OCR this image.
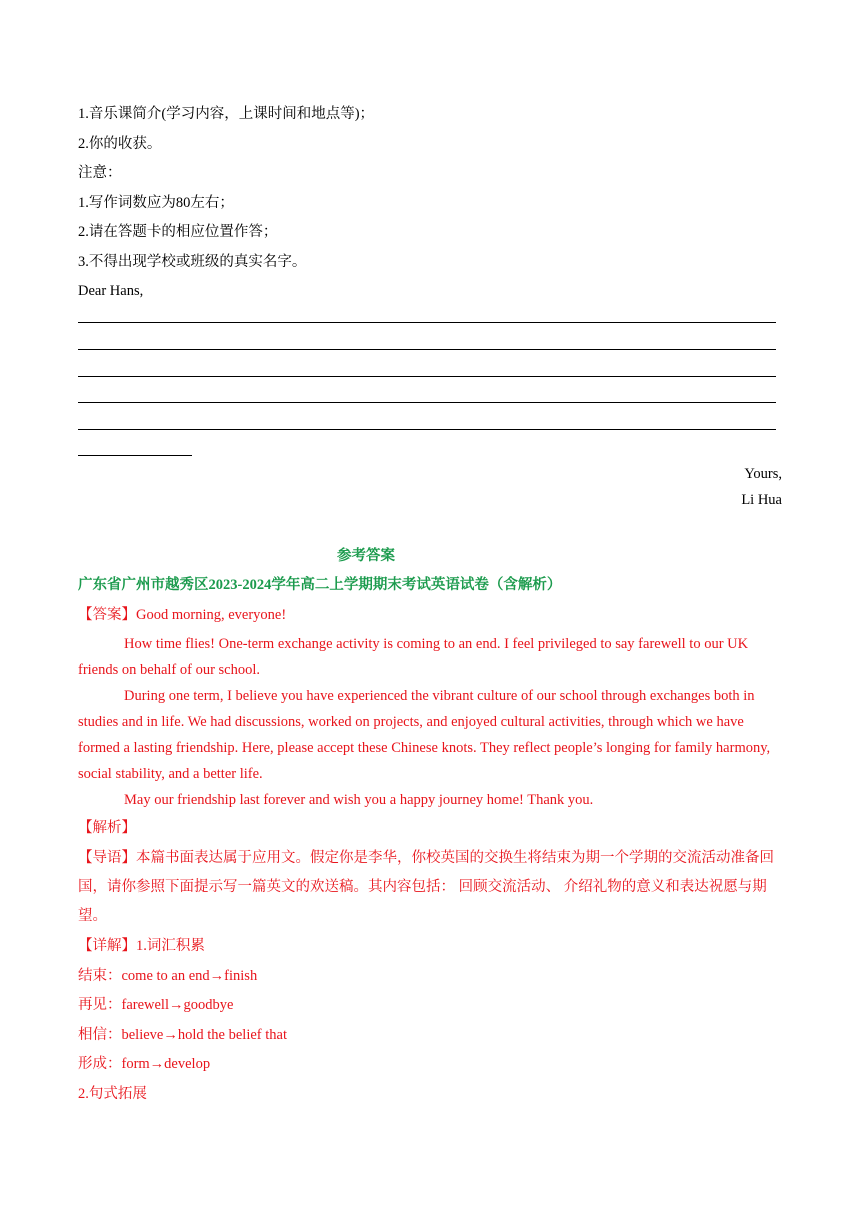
1.音乐课简介(学习内容，上课时间和地点等)；
2.你的收获。
注意：
1.写作词数应为80左右；
2.请在答题卡的相应位置作答；
3.不得出现学校或班级的真实名字。
Dear Hans,
Yours,
Li Hua
参考答案
广东省广州市越秀区2023-2024学年高二上学期期末考试英语试卷（含解析）
【答案】Good morning, everyone!
How time flies! One-term exchange activity is coming to an end. I feel privileged to say farewell to our UK friends on behalf of our school.
During one term, I believe you have experienced the vibrant culture of our school through exchanges both in studies and in life. We had discussions, worked on projects, and enjoyed cultural activities, through which we have formed a lasting friendship. Here, please accept these Chinese knots. They reflect people’s longing for family harmony, social stability, and a better life.
May our friendship last forever and wish you a happy journey home! Thank you.
【解析】
【导语】本篇书面表达属于应用文。假定你是李华，你校英国的交换生将结束为期一个学期的交流活动准备回国，请你参照下面提示写一篇英文的欢送稿。其内容包括： 回顾交流活动、 介绍礼物的意义和表达祝愿与期望。
【详解】1.词汇积累
结束：come to an end→finish
再见：farewell→goodbye
相信：believe→hold the belief that
形成：form→develop
2.句式拓展
